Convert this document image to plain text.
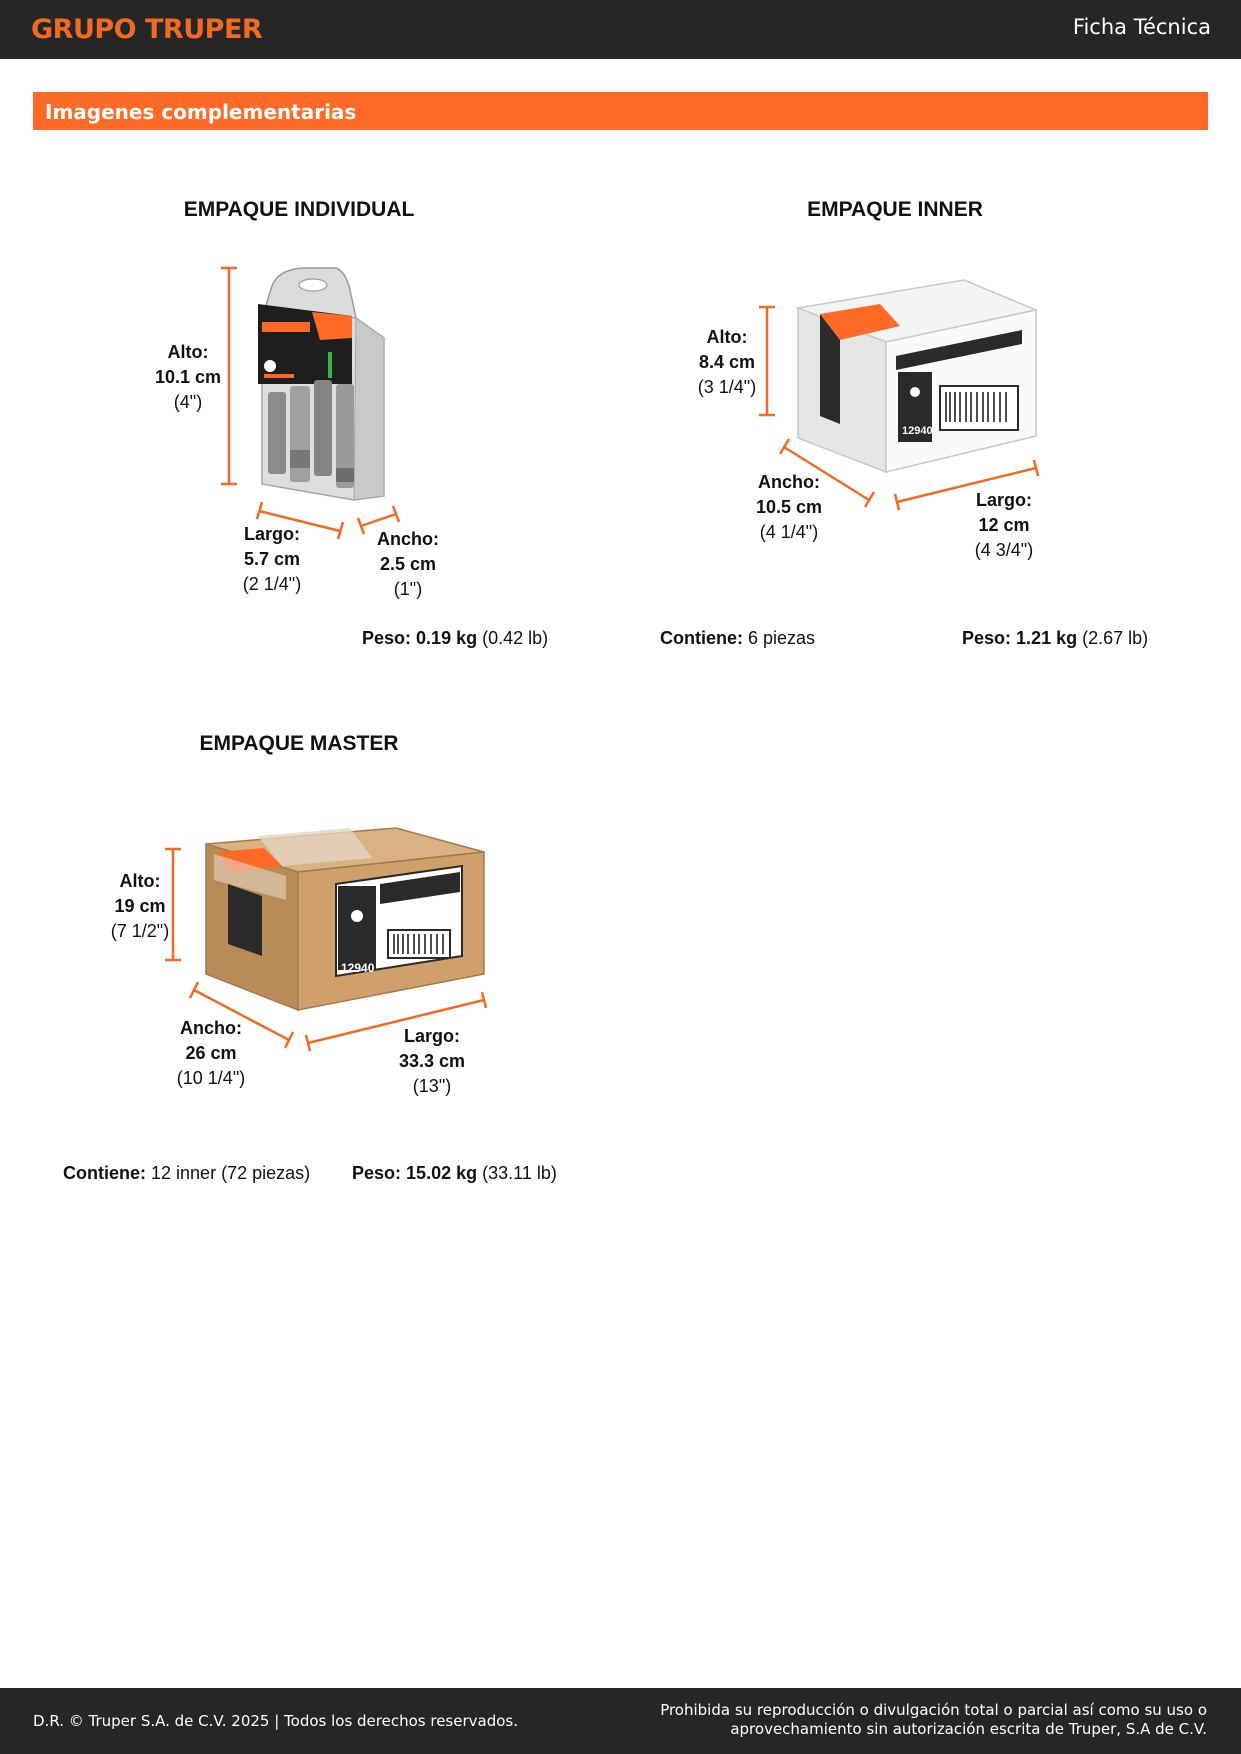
GRUPO TRUPER	Ficha Técnica
Imagenes complementarias
12940
12940
EMPAQUE INDIVIDUAL
Alto:
10.1 cm
(4")
Largo:
5.7 cm
(2 1/4")
Ancho:
2.5 cm
(1")
Peso: 0.19 kg (0.42 lb)
EMPAQUE INNER
Alto:
8.4 cm
(3 1/4")
Ancho:
10.5 cm
(4 1/4")
Largo:
12 cm
(4 3/4")
Contiene: 6 piezas	Peso: 1.21 kg (2.67 lb)
EMPAQUE MASTER
Alto:
19 cm
(7 1/2")
Ancho:
26 cm
(10 1/4")
Largo:
33.3 cm
(13")
Contiene: 12 inner (72 piezas) Peso: 15.02 kg (33.11 lb)
D.R. © Truper S.A. de C.V. 2025 | Todos los derechos reservados.
Prohibida su reproducción o divulgación total o parcial así como su uso o
aprovechamiento sin autorización escrita de Truper, S.A de C.V.
